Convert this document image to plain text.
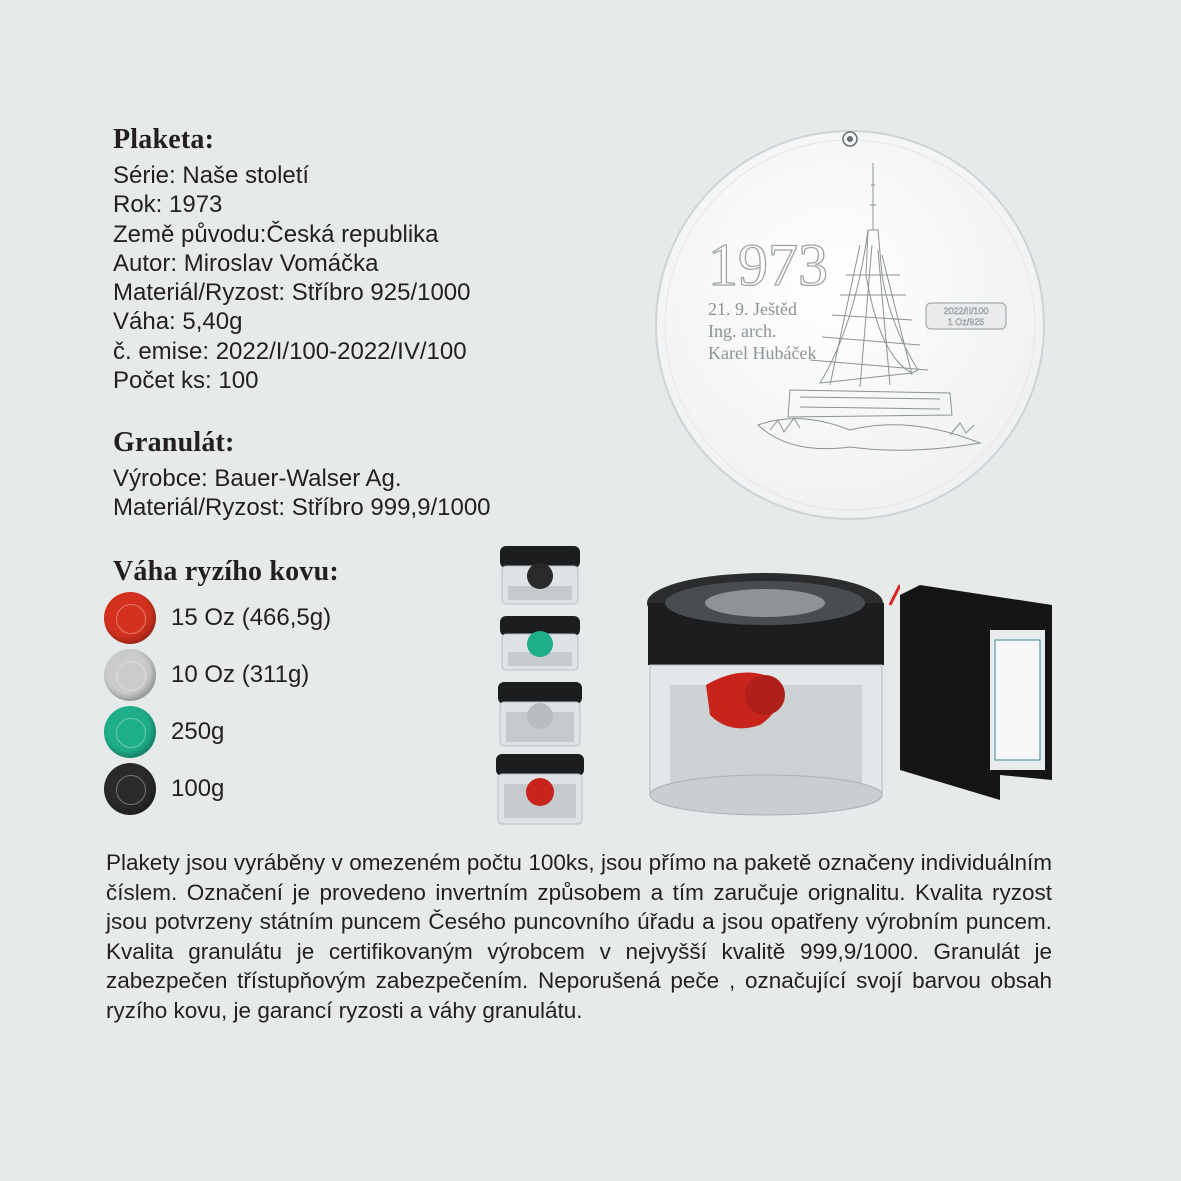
Plaketa:
Série: Naše století
Rok: 1973
Země původu:Česká republika
Autor: Miroslav Vomáčka
Materiál/Ryzost: Stříbro 925/1000
Váha: 5,40g
č. emise: 2022/I/100-2022/IV/100
Počet ks: 100
Granulát:
Výrobce: Bauer-Walser Ag.
Materiál/Ryzost: Stříbro 999,9/1000
Váha ryzího kovu:
15 Oz (466,5g)
10 Oz (311g)
250g
100g
1973
21. 9. Ještěd
Ing. arch.
Karel Hubáček
2022/II/100
1 Oz/925
Plakety jsou vyráběny v omezeném počtu 100ks, jsou přímo na paketě označeny individuálním číslem. Označení je provedeno invertním způsobem a tím zaručuje orignalitu. Kvalita ryzost jsou potvrzeny státním puncem Česého puncovního úřadu a jsou opatřeny výrobním puncem. Kvalita granulátu je certifikovaným výrobcem v nejvyšší kvalitě 999,9/1000. Granulát je zabezpečen třístupňovým zabezpečením. Neporušená peče , označující svojí barvou obsah ryzího kovu, je garancí ryzosti a váhy granulátu.
